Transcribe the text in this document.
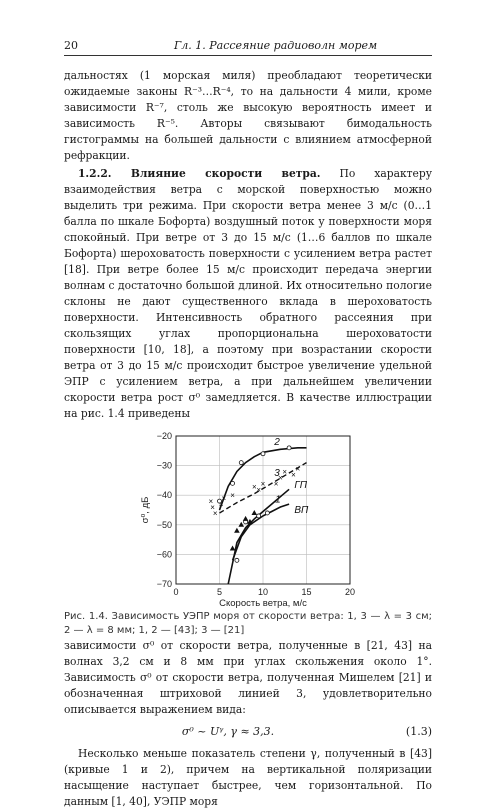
20	Гл. 1. Рассеяние радиоволн морем

дальностях (1 морская миля) преобладают теоретически ожидаемые законы R⁻³…R⁻⁴, то на дальности 4 мили, кроме зависимости R⁻⁷, столь же высокую вероятность имеет и зависимость R⁻⁵. Авторы связывают бимодальность гистограммы на большей дальности с влиянием атмосферной рефракции.

1.2.2. Влияние скорости ветра. По характеру взаимодействия ветра с морской поверхностью можно выделить три режима. При скорости ветра менее 3 м/с (0…1 балла по шкале Бофорта) воздушный поток у поверхности моря спокойный. При ветре от 3 до 15 м/с (1…6 баллов по шкале Бофорта) шероховатость поверхности с усилением ветра растет [18]. При ветре более 15 м/с происходит передача энергии волнам с достаточно большой длиной. Их относительно пологие склоны не дают существенного вклада в шероховатость поверхности. Интенсивность обратного рассеяния при скользящих углах пропорциональна шероховатости поверхности [10, 18], а поэтому при возрастании скорости ветра от 3 до 15 м/с происходит быстрое увеличение удельной ЭПР с усилением ветра, а при дальнейшем увеличении скорости ветра рост σ⁰ замедляется. В качестве иллюстрации на рис. 1.4 приведены

0	5	10	15	20
−20
−30
−40
−50
−60
−70
Скорость ветра, м/с
σ⁰, дБ	×
×
× ×
× ×
× ×
×
× ×
×
×
×
2
3
ГП
1
ВП
Рис. 1.4. Зависимость УЭПР моря от скорости ветра: 1, 3 — λ = 3 см; 2 — λ = 8 мм; 1, 2 — [43]; 3 — [21]

зависимости σ⁰ от скорости ветра, полученные в [21, 43] на волнах 3,2 см и 8 мм при углах скольжения около 1°. Зависимость σ⁰ от скорости ветра, полученная Мишелем [21] и обозначенная штриховой линией 3, удовлетворительно описывается выражением вида:

σ⁰ ~ Uᵞ, γ ≈ 3,3.	(1.3)

Несколько меньше показатель степени γ, полученный в [43] (кривые 1 и 2), причем на вертикальной поляризации насыщение наступает быстрее, чем горизонтальной. По данным [1, 40], УЭПР моря
